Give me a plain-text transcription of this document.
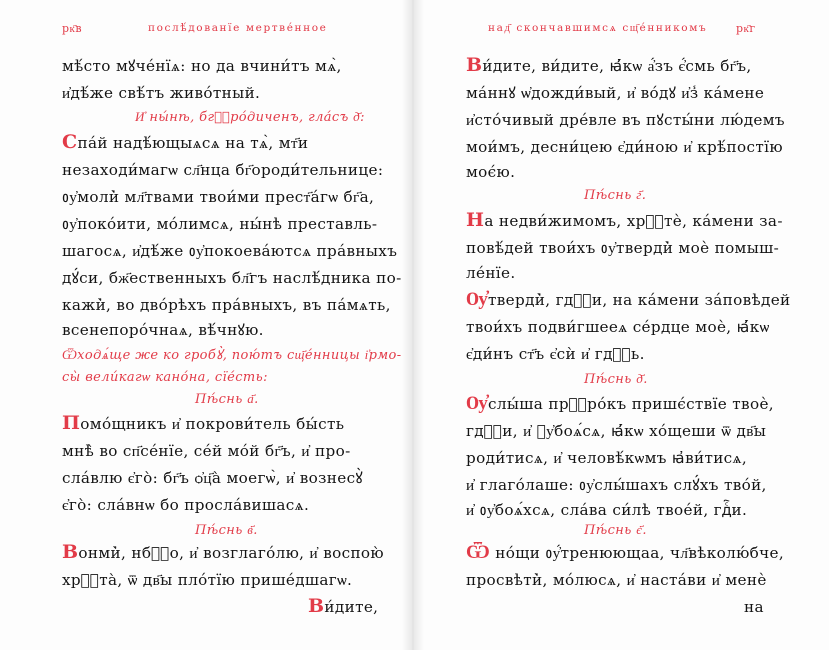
рк҃в	послѣ́дованїе мертве́нное
мѣ́сто мꙋче́нїѧ: но да вчини́тъ мѧ̀,
и҆дѣ́же свѣ́тъ живо́тный.
И҆ ны́нѣ, бгⷪ҇ро́диченъ, гла́съ д҃:
Спа́й надѣ́ющыѧсѧ на тѧ̀, мт҃и
незаходи́магѡ сл҃нца бг҃ороди́тельнице:
ᲂу҆моли̇̀ мл҃твами твои́ми прест҃а́гѡ бг҃а,
ᲂу҆поко́ити, мо́лимсѧ, ны́нѣ преставль-
шагосѧ, и҆дѣ́же ᲂу҆покоева́ютсѧ пра́вныхъ
дꙋ́си, бж҃ественныхъ бл҃гъ наслѣ́дника по-
кажи̇̀, во дво́рѣхъ пра́вныхъ, въ па́мѧть,
всенепоро́чнаѧ, вѣ́чнꙋю.
Ѿходѧ́ще же ко гробꙋ̀, пою́тъ сщ҃е́нницы і҆рмо-
сы̀ вели́кагѡ кано́на, сїе́сть:
Пѣ́снь а҃.
Помо́щникъ и҆ покрови́тель бы́сть
мнѣ̀ во сп҃се́нїе, се́й мо́й бг҃ъ, и҆ про-
сла́влю є҆го̀: бг҃ъ ѻ҆ц҃а̀ моегѡ̀, и҆ вознесꙋ̀
є҆го̀: сла́внѡ бо просла́вишасѧ.
Пѣ́снь в҃.
Вонми̇̀, нбⷭ҇о, и҆ возглаго́лю, и҆ воспою̀
хрⷭ҇та̀, ѿ дв҃ы пло́тїю прише́дшагѡ.
Ви́дите,
над҃ скончавшимсѧ сщ҃е́нникомъ	рк҃г
Ви́дите, ви́дите, ꙗ҆́кѡ а҆́зъ є҆́смь бг҃ъ,
ма́ннꙋ ѡ҆дожди́вый, и҆ во́дꙋ и҆з̾ ка́мене
и҆сто́чивый дре́вле въ пꙋсты́ни лю́демъ
мои́мъ, десни́цею є҆ди́ною и҆ крѣ́постїю
моє́ю.
Пѣ́снь г҃.
На недви́жимомъ, хрⷭ҇тѐ, ка́мени за-
повѣ́дей твои́хъ ᲂу҆тверди̇̀ моѐ помыш-
ле́нїе.
Ѹ҆тверди̇̀, гдⷭ҇и, на ка́мени за́повѣдей
твои́хъ подви́гшееѧ се́рдце моѐ, ꙗ҆́кѡ
є҆ди́нъ ст҃ъ є҆сѝ и҆ гдⷭ҇ь.
Пѣ́снь д҃.
Ѹ҆слы́ша прⷪ҇ро́къ пришє́ствїе твоѐ,
гдⷭ҇и, и҆ ᲂу҆боѧ́сѧ, ꙗ҆́кѡ хо́щеши ѿ дв҃ы
роди́тисѧ, и҆ человѣ́кѡмъ ꙗ҆ви́тисѧ,
и҆ глаго́лаше: ᲂу҆слы́шахъ слꙋ́хъ тво́й,
и҆ ᲂу҆боѧ́хсѧ, сла́ва си́лѣ твое́й, гдⷭ҇и.
Пѣ́снь є҃.
Ѿ но́щи ᲂу҆́тренюющаа, чл҃вѣколю́бче,
просвѣти̇̀, мо́люсѧ, и҆ наста́ви и҆ менѐ
на
